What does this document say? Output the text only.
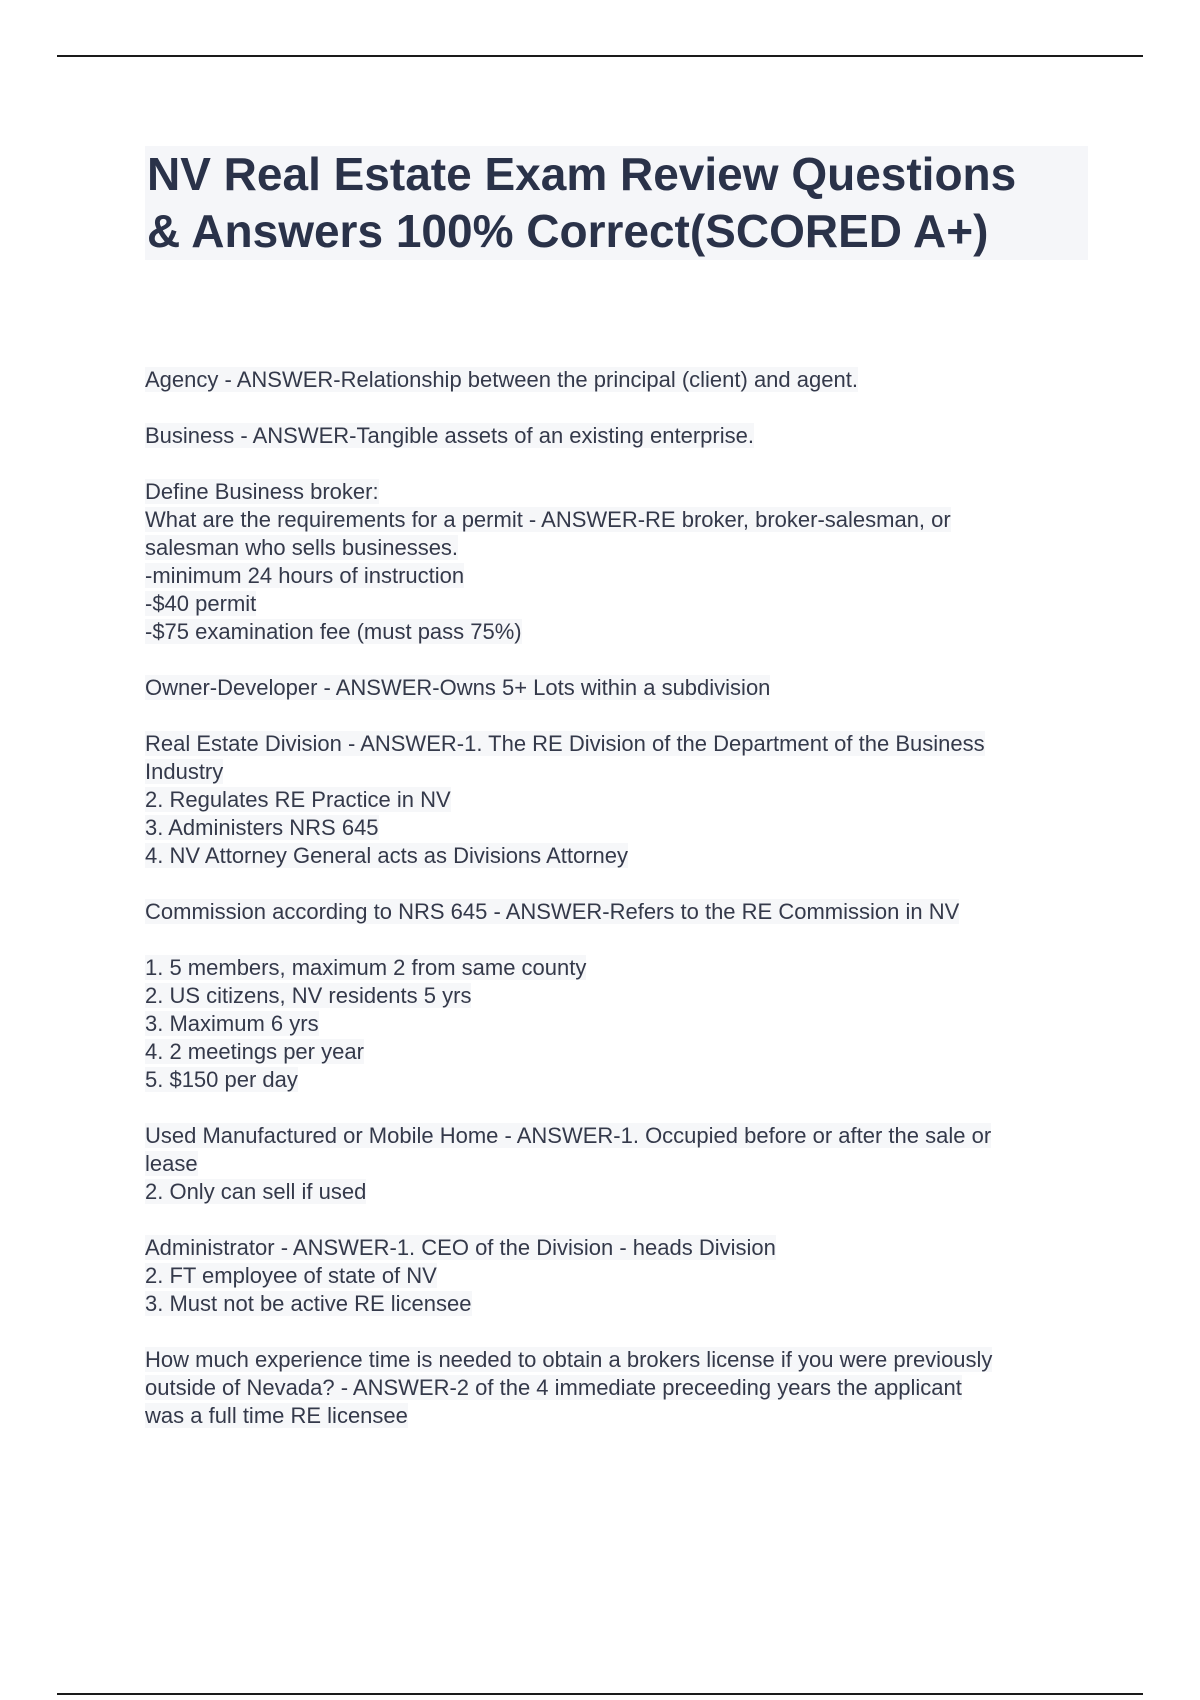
NV Real Estate Exam Review Questions
& Answers 100% Correct(SCORED A+)
Agency - ANSWER-Relationship between the principal (client) and agent.
Business - ANSWER-Tangible assets of an existing enterprise.
Define Business broker:
What are the requirements for a permit - ANSWER-RE broker, broker-salesman, or
salesman who sells businesses.
-minimum 24 hours of instruction
-$40 permit
-$75 examination fee (must pass 75%)
Owner-Developer - ANSWER-Owns 5+ Lots within a subdivision
Real Estate Division - ANSWER-1. The RE Division of the Department of the Business
Industry
2. Regulates RE Practice in NV
3. Administers NRS 645
4. NV Attorney General acts as Divisions Attorney
Commission according to NRS 645 - ANSWER-Refers to the RE Commission in NV
1. 5 members, maximum 2 from same county
2. US citizens, NV residents 5 yrs
3. Maximum 6 yrs
4. 2 meetings per year
5. $150 per day
Used Manufactured or Mobile Home - ANSWER-1. Occupied before or after the sale or
lease
2. Only can sell if used
Administrator - ANSWER-1. CEO of the Division - heads Division
2. FT employee of state of NV
3. Must not be active RE licensee
How much experience time is needed to obtain a brokers license if you were previously
outside of Nevada? - ANSWER-2 of the 4 immediate preceeding years the applicant
was a full time RE licensee
